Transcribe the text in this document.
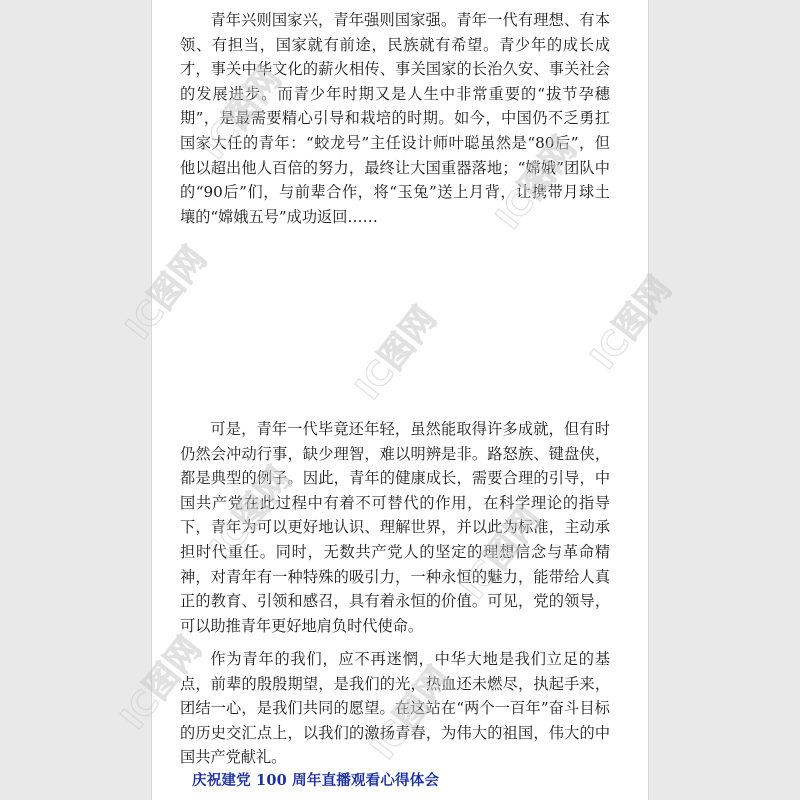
青年兴则国家兴，青年强则国家强。青年一代有理想、有本领、有担当，国家就有前途，民族就有希望。青少年的成长成才，事关中华文化的薪火相传、事关国家的长治久安、事关社会的发展进步。而青少年时期又是人生中非常重要的“拔节孕穗期”，是最需要精心引导和栽培的时期。如今，中国仍不乏勇扛国家大任的青年：“蛟龙号”主任设计师叶聪虽然是“80后”，但他以超出他人百倍的努力，最终让大国重器落地；“嫦娥”团队中的“90后”们，与前辈合作，将“玉兔”送上月背，让携带月球土壤的“嫦娥五号”成功返回……

可是，青年一代毕竟还年轻，虽然能取得许多成就，但有时仍然会冲动行事，缺少理智，难以明辨是非。路怒族、键盘侠，都是典型的例子。因此，青年的健康成长，需要合理的引导，中国共产党在此过程中有着不可替代的作用，在科学理论的指导下，青年为可以更好地认识、理解世界，并以此为标准，主动承担时代重任。同时，无数共产党人的坚定的理想信念与革命精神，对青年有一种特殊的吸引力，一种永恒的魅力，能带给人真正的教育、引领和感召，具有着永恒的价值。可见，党的领导，可以助推青年更好地肩负时代使命。

作为青年的我们，应不再迷惘，中华大地是我们立足的基点，前辈的殷殷期望，是我们的光，热血还未燃尽，执起手来，团结一心，是我们共同的愿望。在这站在“两个一百年”奋斗目标的历史交汇点上，以我们的激扬青春，为伟大的祖国，伟大的中国共产党献礼。

庆祝建党 100 周年直播观看心得体会
IC图网
IC图网
IC图网
IC图网	IC图网
IC图网	IC图网
IC图网	IC图网
